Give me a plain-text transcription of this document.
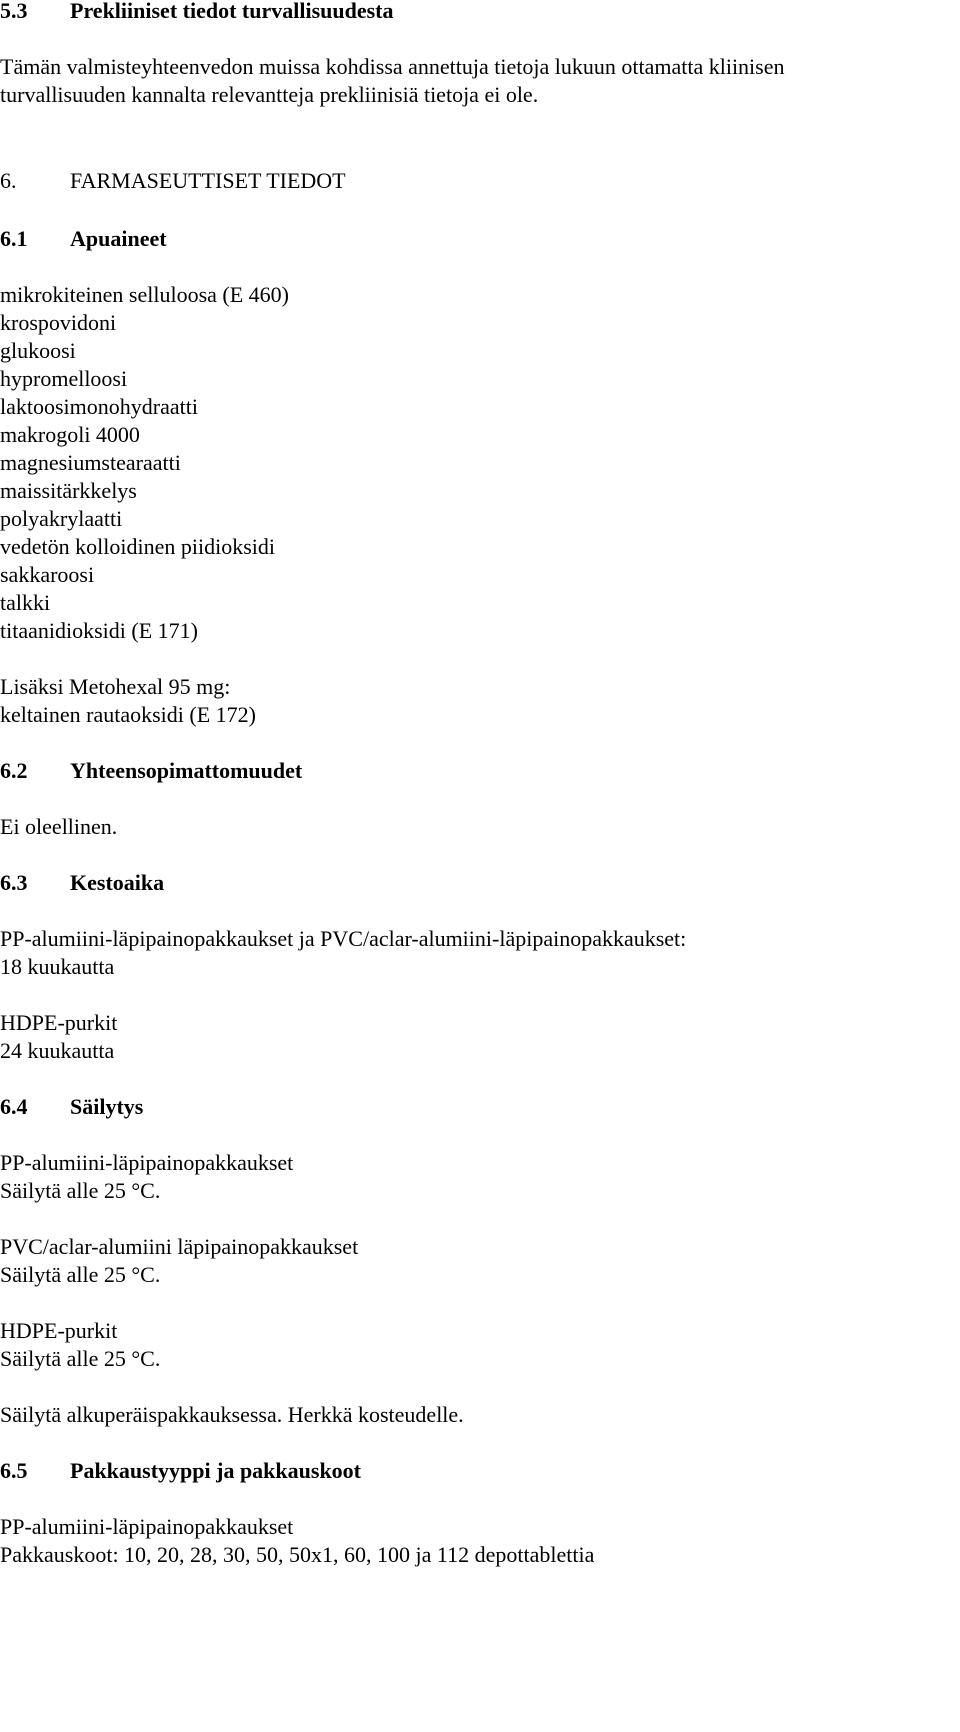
5.3 Prekliiniset tiedot turvallisuudesta
Tämän valmisteyhteenvedon muissa kohdissa annettuja tietoja lukuun ottamatta kliinisen
turvallisuuden kannalta relevantteja prekliinisiä tietoja ei ole.
6. FARMASEUTTISET TIEDOT
6.1 Apuaineet
mikrokiteinen selluloosa (E 460)
krospovidoni
glukoosi
hypromelloosi
laktoosimonohydraatti
makrogoli 4000
magnesiumstearaatti
maissitärkkelys
polyakrylaatti
vedetön kolloidinen piidioksidi
sakkaroosi
talkki
titaanidioksidi (E 171)
Lisäksi Metohexal 95 mg:
keltainen rautaoksidi (E 172)
6.2 Yhteensopimattomuudet
Ei oleellinen.
6.3 Kestoaika
PP-alumiini-läpipainopakkaukset ja PVC/aclar-alumiini-läpipainopakkaukset:
18 kuukautta
HDPE-purkit
24 kuukautta
6.4 Säilytys
PP-alumiini-läpipainopakkaukset
Säilytä alle 25 °C.
PVC/aclar-alumiini läpipainopakkaukset
Säilytä alle 25 °C.
HDPE-purkit
Säilytä alle 25 °C.
Säilytä alkuperäispakkauksessa. Herkkä kosteudelle.
6.5 Pakkaustyyppi ja pakkauskoot
PP-alumiini-läpipainopakkaukset
Pakkauskoot: 10, 20, 28, 30, 50, 50x1, 60, 100 ja 112 depottablettia
